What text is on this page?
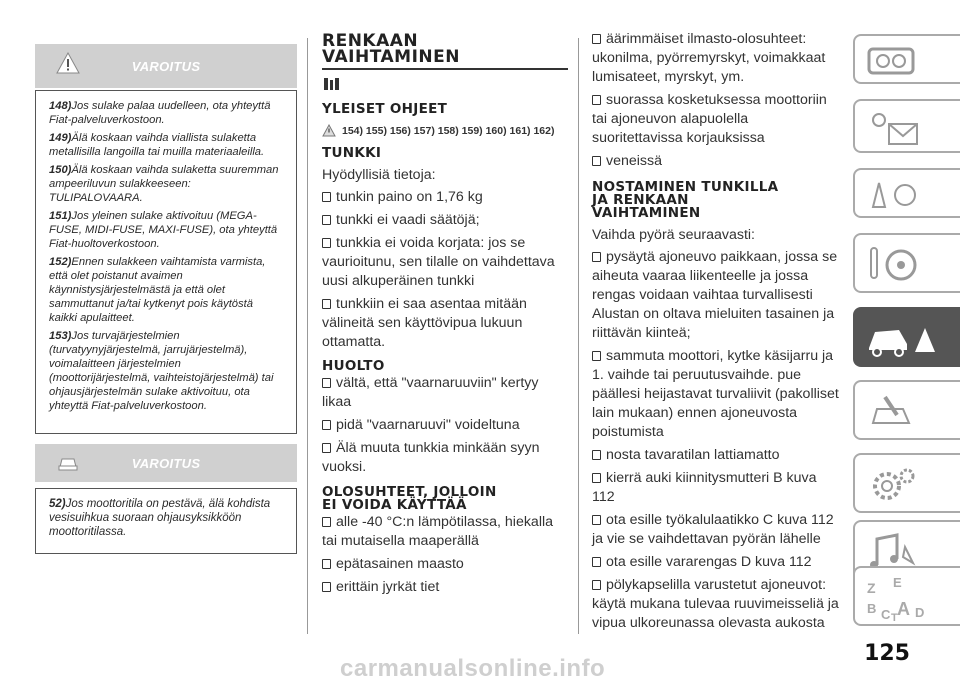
VAROITUS

148)Jos sulake palaa uudelleen, ota yhteyttä Fiat-palveluverkostoon.

149)Älä koskaan vaihda viallista sulaketta metallisilla langoilla tai muilla materiaaleilla.

150)Älä koskaan vaihda sulaketta suuremman ampeeriluvun sulakkeeseen: TULIPALOVAARA.

151)Jos yleinen sulake aktivoituu (MEGA-FUSE, MIDI-FUSE, MAXI-FUSE), ota yhteyttä Fiat-huoltoverkostoon.

152)Ennen sulakkeen vaihtamista varmista, että olet poistanut avaimen käynnistysjärjestelmästä ja että olet sammuttanut ja/tai kytkenyt pois käytöstä kaikki apulaitteet.

153)Jos turvajärjestelmien (turvatyynyjärjestelmä, jarrujärjestelmä), voimalaitteen järjestelmien (moottorijärjestelmä, vaihteistojärjestelmä) tai ohjausjärjestelmän sulake aktivoituu, ota yhteyttä Fiat-palveluverkostoon.

VAROITUS

52)Jos moottoritila on pestävä, älä kohdista vesisuihkua suoraan ohjausyksikköön moottoritilassa.

RENKAAN
VAIHTAMINEN
YLEISET OHJEET
154) 155) 156) 157) 158) 159) 160) 161) 162)
TUNKKI
Hyödyllisiä tietoja:
tunkin paino on 1,76 kg
tunkki ei vaadi säätöjä;
tunkkia ei voida korjata: jos se vaurioitunu, sen tilalle on vaihdettava uusi alkuperäinen tunkki
tunkkiin ei saa asentaa mitään välineitä sen käyttövipua lukuun ottamatta.
HUOLTO
vältä, että "vaarnaruuviin" kertyy likaa
pidä "vaarnaruuvi" voideltuna
Älä muuta tunkkia minkään syyn vuoksi.
OLOSUHTEET, JOLLOIN
EI VOIDA KÄYTTÄÄ
alle -40 °C:n lämpötilassa, hiekalla tai mutaisella maaperällä
epätasainen maasto
erittäin jyrkät tiet
äärimmäiset ilmasto-olosuhteet: ukonilma, pyörremyrskyt, voimakkaat lumisateet, myrskyt, ym.
suorassa kosketuksessa moottoriin tai ajoneuvon alapuolella suoritettavissa korjauksissa
veneissä
NOSTAMINEN TUNKILLA
JA RENKAAN
VAIHTAMINEN
Vaihda pyörä seuraavasti:
pysäytä ajoneuvo paikkaan, jossa se aiheuta vaaraa liikenteelle ja jossa rengas voidaan vaihtaa turvallisesti Alustan on oltava mieluiten tasainen ja riittävän kiinteä;
sammuta moottori, kytke käsijarru ja 1. vaihde tai peruutusvaihde. pue päällesi heijastavat turvaliivit (pakolliset lain mukaan) ennen ajoneuvosta poistumista
nosta tavaratilan lattiamatto
kierrä auki kiinnitysmutteri B kuva 112
ota esille työkalulaatikko C kuva 112 ja vie se vaihdettavan pyörän lähelle
ota esille vararengas D kuva 112
pölykapselilla varustetut ajoneuvot: käytä mukana tulevaa ruuvimeisseliä ja vipua ulkoreunassa olevasta aukosta
Z E
B C A D
T
125
carmanualsonline.info
